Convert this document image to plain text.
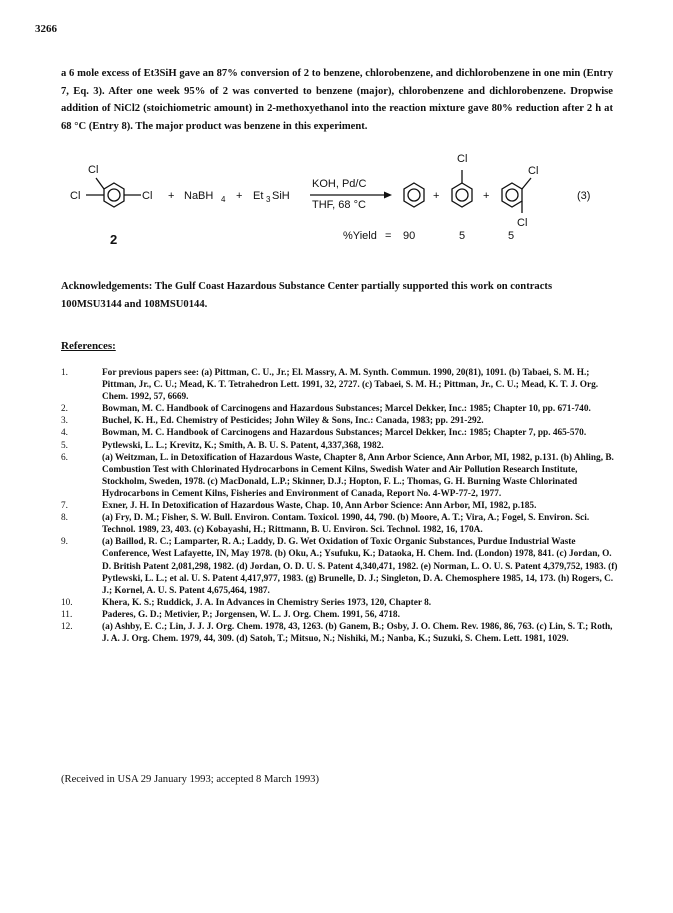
3266

a 6 mole excess of Et3SiH gave an 87% conversion of 2 to benzene, chlorobenzene, and dichlorobenzene in one min (Entry 7, Eq. 3). After one week 95% of 2 was converted to benzene (major), chlorobenzene and dichlorobenzene. Dropwise addition of NiCl2 (stoichiometric amount) in 2-methoxyethanol into the reaction mixture gave 80% reduction after 2 h at 68 °C (Entry 8). The major product was benzene in this experiment.

Cl
Cl	Cl
2
+ NaBH 4 + Et 3 SiH
KOH, Pd/C
THF, 68 °C
+
Cl
+
Cl
Cl
(3)
%Yield = 90	5	5
Acknowledgements: The Gulf Coast Hazardous Substance Center partially supported this work on contracts 100MSU3144 and 108MSU0144.
References:
1.	For previous papers see: (a) Pittman, C. U., Jr.; El. Massry, A. M. Synth. Commun. 1990, 20(81), 1091. (b) Tabaei, S. M. H.; Pittman, Jr., C. U.; Mead, K. T. Tetrahedron Lett. 1991, 32, 2727. (c) Tabaei, S. M. H.; Pittman, Jr., C. U.; Mead, K. T. J. Org. Chem. 1992, 57, 6669.
2.	Bowman, M. C. Handbook of Carcinogens and Hazardous Substances; Marcel Dekker, Inc.: 1985; Chapter 10, pp. 671-740.
3.	Buchel, K. H., Ed. Chemistry of Pesticides; John Wiley & Sons, Inc.: Canada, 1983; pp. 291-292.
4.	Bowman, M. C. Handbook of Carcinogens and Hazardous Substances; Marcel Dekker, Inc.: 1985; Chapter 7, pp. 465-570.
5.	Pytlewski, L. L.; Krevitz, K.; Smith, A. B. U. S. Patent, 4,337,368, 1982.
6.	(a) Weitzman, L. in Detoxification of Hazardous Waste, Chapter 8, Ann Arbor Science, Ann Arbor, MI, 1982, p.131. (b) Ahling, B. Combustion Test with Chlorinated Hydrocarbons in Cement Kilns, Swedish Water and Air Pollution Research Institute, Stockholm, Sweden, 1978. (c) MacDonald, L.P.; Skinner, D.J.; Hopton, F. L.; Thomas, G. H. Burning Waste Chlorinated Hydrocarbons in Cement Kilns, Fisheries and Environment of Canada, Report No. 4-WP-77-2, 1977.
7.	Exner, J. H. In Detoxification of Hazardous Waste, Chap. 10, Ann Arbor Science: Ann Arbor, MI, 1982, p.185.
8.	(a) Fry, D. M.; Fisher, S. W. Bull. Environ. Contam. Toxicol. 1990, 44, 790. (b) Moore, A. T.; Vira, A.; Fogel, S. Environ. Sci. Technol. 1989, 23, 403. (c) Kobayashi, H.; Rittmann, B. U. Environ. Sci. Technol. 1982, 16, 170A.
9.	(a) Baillod, R. C.; Lamparter, R. A.; Laddy, D. G. Wet Oxidation of Toxic Organic Substances, Purdue Industrial Waste Conference, West Lafayette, IN, May 1978. (b) Oku, A.; Ysufuku, K.; Dataoka, H. Chem. Ind. (London) 1978, 841. (c) Jordan, O. D. British Patent 2,081,298, 1982. (d) Jordan, O. D. U. S. Patent 4,340,471, 1982. (e) Norman, L. O. U. S. Patent 4,379,752, 1983. (f) Pytlewski, L. L.; et al. U. S. Patent 4,417,977, 1983. (g) Brunelle, D. J.; Singleton, D. A. Chemosphere 1985, 14, 173. (h) Rogers, C. J.; Kornel, A. U. S. Patent 4,675,464, 1987.
10.	Khera, K. S.; Ruddick, J. A. In Advances in Chemistry Series 1973, 120, Chapter 8.
11.	Paderes, G. D.; Metivier, P.; Jorgensen, W. L. J. Org. Chem. 1991, 56, 4718.
12.	(a) Ashby, E. C.; Lin, J. J. J. Org. Chem. 1978, 43, 1263. (b) Ganem, B.; Osby, J. O. Chem. Rev. 1986, 86, 763. (c) Lin, S. T.; Roth, J. A. J. Org. Chem. 1979, 44, 309. (d) Satoh, T.; Mitsuo, N.; Nishiki, M.; Nanba, K.; Suzuki, S. Chem. Lett. 1981, 1029.
(Received in USA 29 January 1993; accepted 8 March 1993)
